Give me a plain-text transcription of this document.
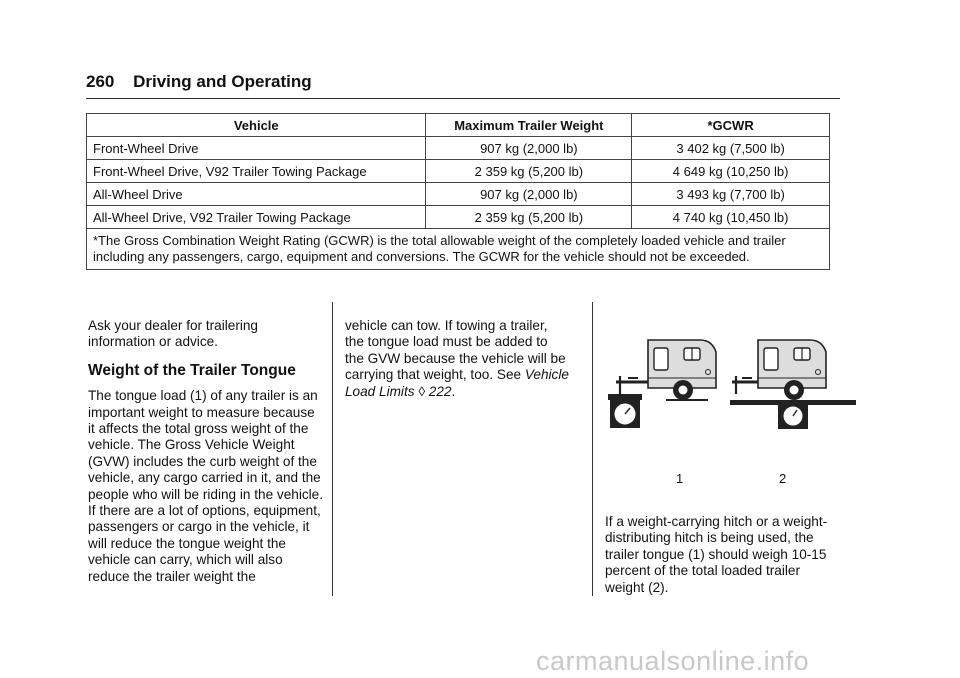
260 Driving and Operating
Vehicle	Maximum Trailer Weight	*GCWR
Front-Wheel Drive	907 kg (2,000 lb)	3 402 kg (7,500 lb)
Front-Wheel Drive, V92 Trailer Towing Package	2 359 kg (5,200 lb)	4 649 kg (10,250 lb)
All-Wheel Drive	907 kg (2,000 lb)	3 493 kg (7,700 lb)
All-Wheel Drive, V92 Trailer Towing Package	2 359 kg (5,200 lb)	4 740 kg (10,450 lb)
*The Gross Combination Weight Rating (GCWR) is the total allowable weight of the completely loaded vehicle and trailer including any passengers, cargo, equipment and conversions. The GCWR for the vehicle should not be exceeded.		

Ask your dealer for trailering information or advice.

Weight of the Trailer Tongue

The tongue load (1) of any trailer is an important weight to measure because it affects the total gross weight of the vehicle. The Gross Vehicle Weight (GVW) includes the curb weight of the vehicle, any cargo carried in it, and the people who will be riding in the vehicle. If there are a lot of options, equipment, passengers or cargo in the vehicle, it will reduce the tongue weight the vehicle can carry, which will also reduce the trailer weight the

vehicle can tow. If towing a trailer, the tongue load must be added to the GVW because the vehicle will be carrying that weight, too. See Vehicle Load Limits ◊ 222.

1	2

If a weight-carrying hitch or a weight-distributing hitch is being used, the trailer tongue (1) should weigh 10-15 percent of the total loaded trailer weight (2).

carmanualsonline.info
